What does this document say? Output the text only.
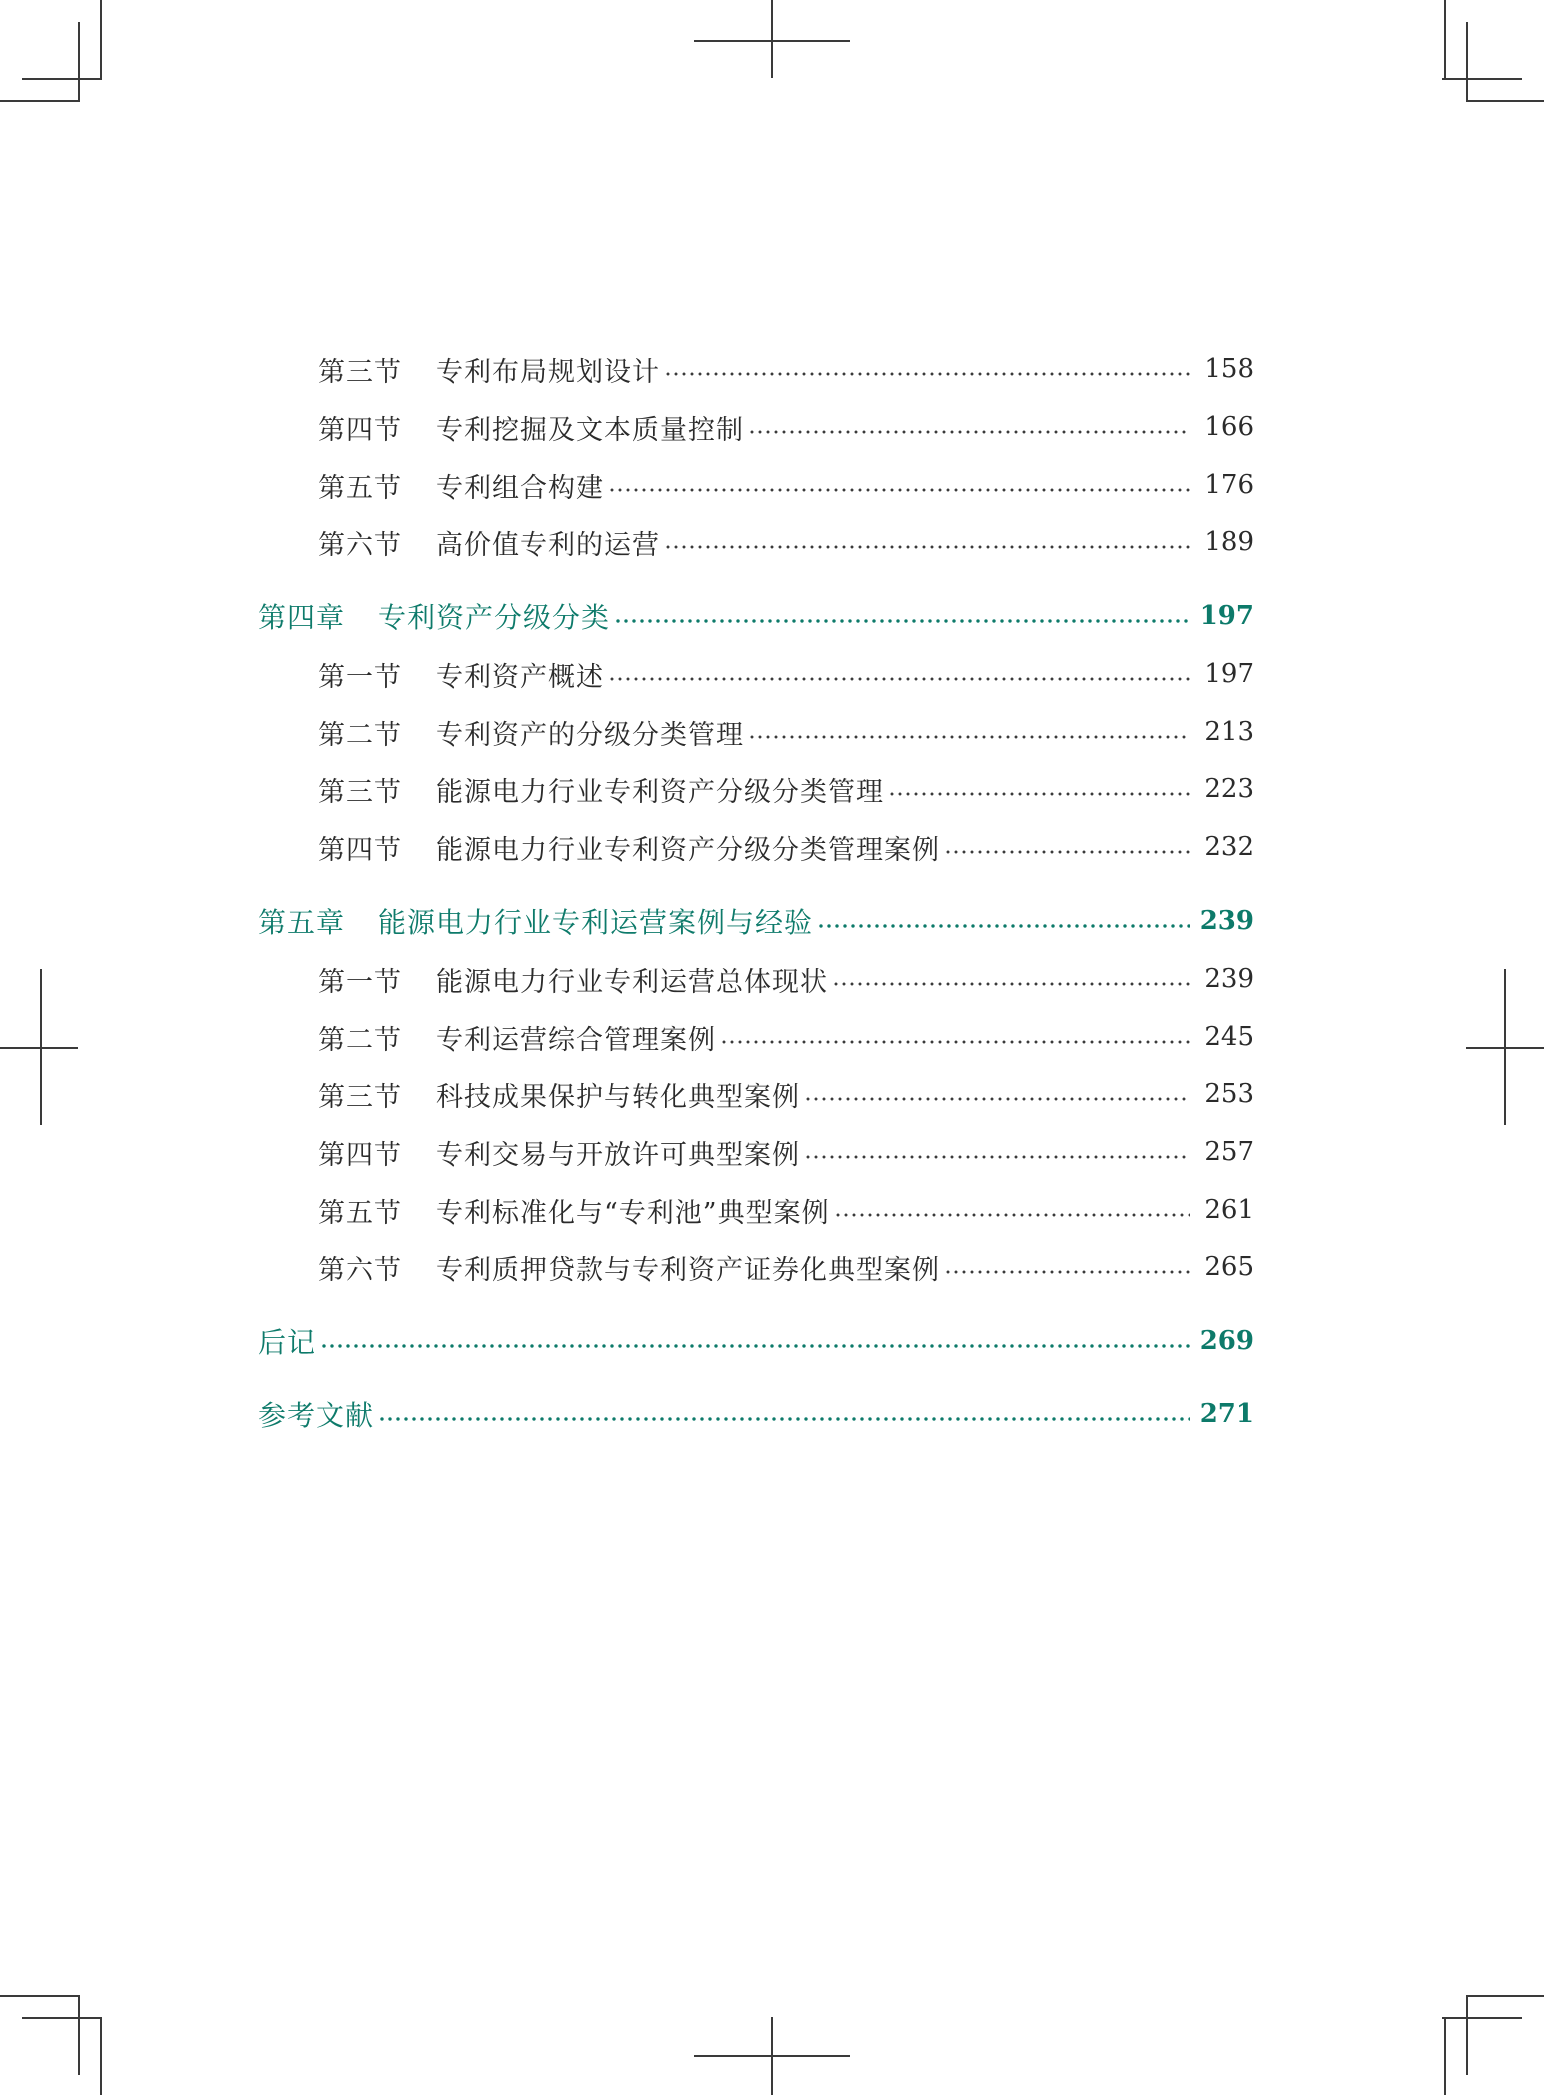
第三节 专利布局规划设计	158
第四节 专利挖掘及文本质量控制	166
第五节 专利组合构建	176
第六节 高价值专利的运营	189
第四章 专利资产分级分类	197
第一节 专利资产概述	197
第二节 专利资产的分级分类管理	213
第三节 能源电力行业专利资产分级分类管理	223
第四节 能源电力行业专利资产分级分类管理案例	232
第五章 能源电力行业专利运营案例与经验	239
第一节 能源电力行业专利运营总体现状	239
第二节 专利运营综合管理案例	245
第三节 科技成果保护与转化典型案例	253
第四节 专利交易与开放许可典型案例	257
第五节 专利标准化与“专利池”典型案例	261
第六节 专利质押贷款与专利资产证券化典型案例	265
后记	269
参考文献	271
